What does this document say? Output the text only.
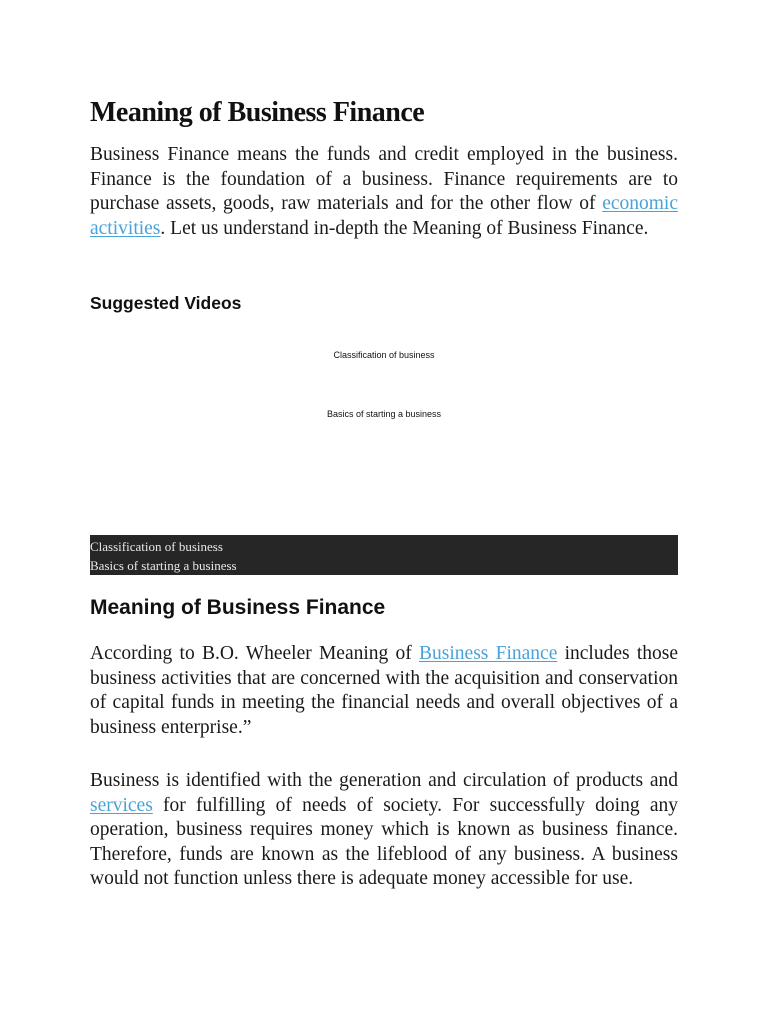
Meaning of Business Finance

Business Finance means the funds and credit employed in the business. Finance is the foundation of a business. Finance requirements are to purchase assets, goods, raw materials and for the other flow of economic activities. Let us understand in-depth the Meaning of Business Finance.

Suggested Videos
Classification of business
Basics of starting a business
Classification of business
Basics of starting a business
Meaning of Business Finance

According to B.O. Wheeler Meaning of Business Finance includes those business activities that are concerned with the acquisition and conservation of capital funds in meeting the financial needs and overall objectives of a business enterprise.”

Business is identified with the generation and circulation of products and services for fulfilling of needs of society. For successfully doing any operation, business requires money which is known as business finance. Therefore, funds are known as the lifeblood of any business. A business would not function unless there is adequate money accessible for use.
